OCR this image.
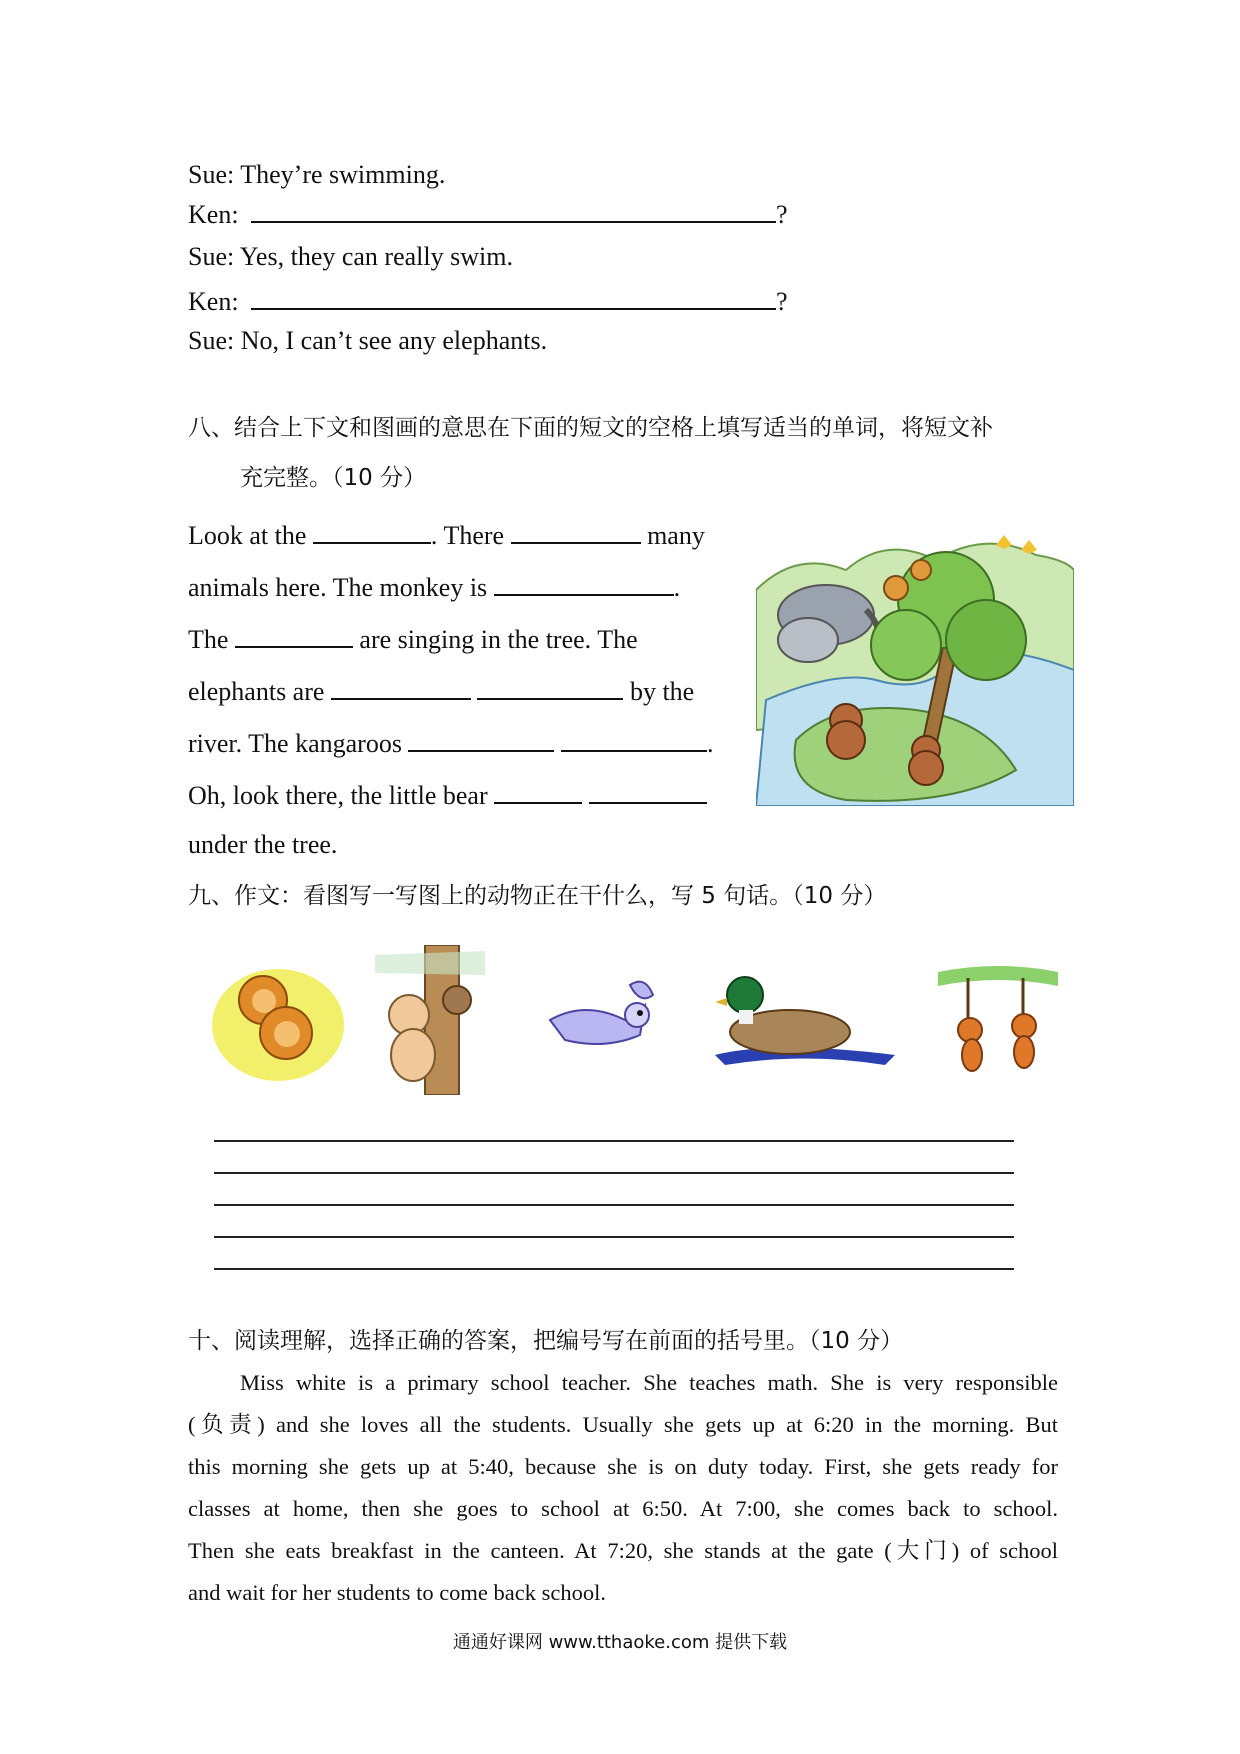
Sue: They’re swimming.
Ken:	?
Sue: Yes, they can really swim.
Ken:	?
Sue: No, I can’t see any elephants.
八、结合上下文和图画的意思在下面的短文的空格上填写适当的单词，将短文补
充完整。（10 分）
Look at the	. There	many
animals here. The monkey is	.
The	are singing in the tree. The
elephants are	by the
river. The kangaroos	.
Oh, look there, the little bear
under the tree.
九、作文：看图写一写图上的动物正在干什么，写 5 句话。（10 分）
十、阅读理解，选择正确的答案，把编号写在前面的括号里。（10 分）
Miss white is a primary school teacher. She teaches math. She is very responsible
(负责) and she loves all the students. Usually she gets up at 6:20 in the morning. But
this morning she gets up at 5:40, because she is on duty today. First, she gets ready for
classes at home, then she goes to school at 6:50. At 7:00, she comes back to school.
Then she eats breakfast in the canteen. At 7:20, she stands at the gate (大门) of school
and wait for her students to come back school.
通通好课网 www.tthaoke.com 提供下载
